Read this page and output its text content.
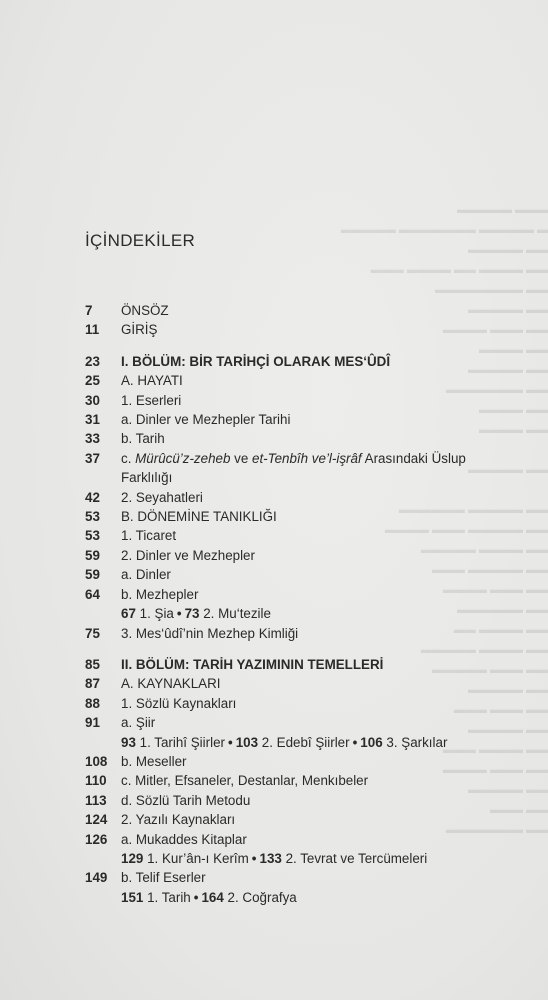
▬▬▬ ▬▬▬▬▬
▬ ▬▬▬▬▬ ▬▬▬▬▬▬▬ ▬▬▬▬▬
▬▬ ▬▬▬▬▬
▬▬ ▬▬▬▬ ▬▬ ▬▬▬▬ ▬▬▬
▬▬ ▬▬▬▬▬▬▬▬
▬▬ ▬▬▬▬▬
▬▬ ▬▬▬ ▬▬▬▬
▬▬ ▬▬▬▬
▬▬ ▬▬▬▬▬
▬▬ ▬▬▬▬▬▬▬
▬▬ ▬▬▬▬
▬▬ ▬▬▬▬

▬▬ ▬▬▬▬▬

▬▬ ▬▬▬▬▬ ▬▬▬▬▬▬
▬▬ ▬▬▬▬▬ ▬▬▬ ▬▬▬▬
▬▬ ▬▬▬▬ ▬▬▬▬▬
▬▬ ▬▬▬▬▬ ▬▬▬
▬▬ ▬▬▬ ▬▬▬▬
▬▬ ▬▬▬▬▬▬
▬▬ ▬▬▬▬ ▬▬
▬▬ ▬▬▬▬ ▬▬▬▬▬
▬▬ ▬▬▬ ▬▬▬▬▬
▬▬ ▬▬▬▬▬
▬▬ ▬▬▬ ▬▬▬
▬▬ ▬▬▬▬▬
▬▬ ▬▬▬▬ ▬▬▬
▬▬ ▬▬▬ ▬▬▬▬
▬▬ ▬▬▬▬▬
▬▬ ▬▬▬
▬▬ ▬▬▬▬▬▬▬
İÇİNDEKİLER
7	ÖNSÖZ
11	GİRİŞ
23	I. BÖLÜM: BİR TARİHÇİ OLARAK MES‘ÛDÎ
25	A. HAYATI
30	1. Eserleri
31	a. Dinler ve Mezhepler Tarihi
33	b. Tarih
37	c. Mürûcü’z-zeheb ve et-Tenbîh ve’l-işrâf Arasındaki Üslup
Farklılığı
42	2. Seyahatleri
53	B. DÖNEMİNE TANIKLIĞI
53	1. Ticaret
59	2. Dinler ve Mezhepler
59	a. Dinler
64	b. Mezhepler
67 1. Şia • 73 2. Mu‘tezile
75	3. Mes‘ûdî’nin Mezhep Kimliği
85	II. BÖLÜM: TARİH YAZIMININ TEMELLERİ
87	A. KAYNAKLARI
88	1. Sözlü Kaynakları
91	a. Şiir
93 1. Tarihî Şiirler • 103 2. Edebî Şiirler • 106 3. Şarkılar
108	b. Meseller
110	c. Mitler, Efsaneler, Destanlar, Menkıbeler
113	d. Sözlü Tarih Metodu
124	2. Yazılı Kaynakları
126	a. Mukaddes Kitaplar
129 1. Kur’ân-ı Kerîm • 133 2. Tevrat ve Tercümeleri
149	b. Telif Eserler
151 1. Tarih • 164 2. Coğrafya
